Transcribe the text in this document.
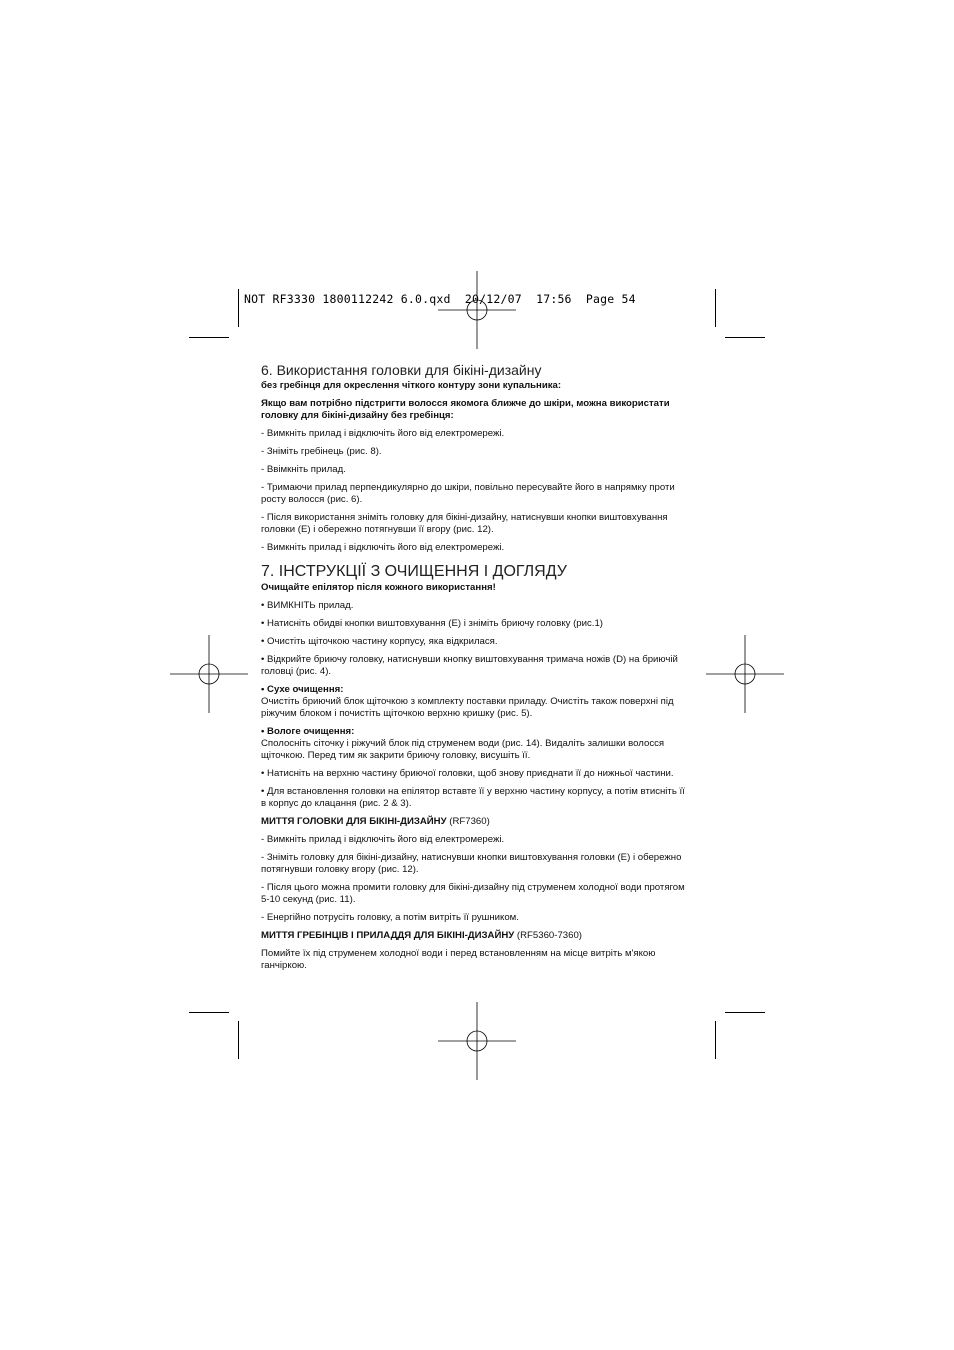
NOT RF3330 1800112242 6.0.qxd  20/12/07  17:56  Page 54
6. Використання головки для бікіні-дизайну

без гребінця для окреслення чіткого контуру зони купальника:

Якщо вам потрібно підстригти волосся якомога ближче до шкіри, можна використати головку для бікіні-дизайну без гребінця:

- Вимкніть прилад і відключіть його від електромережі.

- Зніміть гребінець (рис. 8).

- Ввімкніть прилад.

- Тримаючи прилад перпендикулярно до шкіри, повільно пересувайте його в напрямку проти росту волосся (рис. 6).

- Після використання зніміть головку для бікіні-дизайну, натиснувши кнопки виштовхування головки (E) і обережно потягнувши її вгору (рис. 12).

- Вимкніть прилад і відключіть його від електромережі.

7. ІНСТРУКЦІЇ З ОЧИЩЕННЯ І ДОГЛЯДУ

Очищайте епілятор після кожного використання!

• ВИМКНІТЬ прилад.

• Натисніть обидві кнопки виштовхування (E) і зніміть бриючу головку (рис.1)

• Очистіть щіточкою частину корпусу, яка відкрилася.

• Відкрийте бриючу головку, натиснувши кнопку виштовхування тримача ножів (D) на бриючій головці (рис. 4).

• Сухе очищення:

Очистіть бриючий блок щіточкою з комплекту поставки приладу. Очистіть також поверхні під ріжучим блоком і почистіть щіточкою верхню кришку (рис. 5).

• Вологе очищення:

Сполосніть сіточку і ріжучий блок під струменем води (рис. 14). Видаліть залишки волосся щіточкою. Перед тим як закрити бриючу головку, висушіть її.

• Натисніть на верхню частину бриючої головки, щоб знову приєднати її до нижньої частини.

• Для встановлення головки на епілятор вставте її у верхню частину корпусу, а потім втисніть її в корпус до клацання (рис. 2 & 3).

МИТТЯ ГОЛОВКИ ДЛЯ БІКІНІ-ДИЗАЙНУ (RF7360)

- Вимкніть прилад і відключіть його від електромережі.

- Зніміть головку для бікіні-дизайну, натиснувши кнопки виштовхування головки (E) і обережно потягнувши головку вгору (рис. 12).

- Після цього можна промити головку для бікіні-дизайну під струменем холодної води протягом 5-10 секунд (рис. 11).

- Енергійно потрусіть головку, а потім витріть її рушником.

МИТТЯ ГРЕБІНЦІВ І ПРИЛАДДЯ ДЛЯ БІКІНІ-ДИЗАЙНУ (RF5360-7360)

Помийте їх під струменем холодної води і перед встановленням на місце витріть м'якою ганчіркою.
